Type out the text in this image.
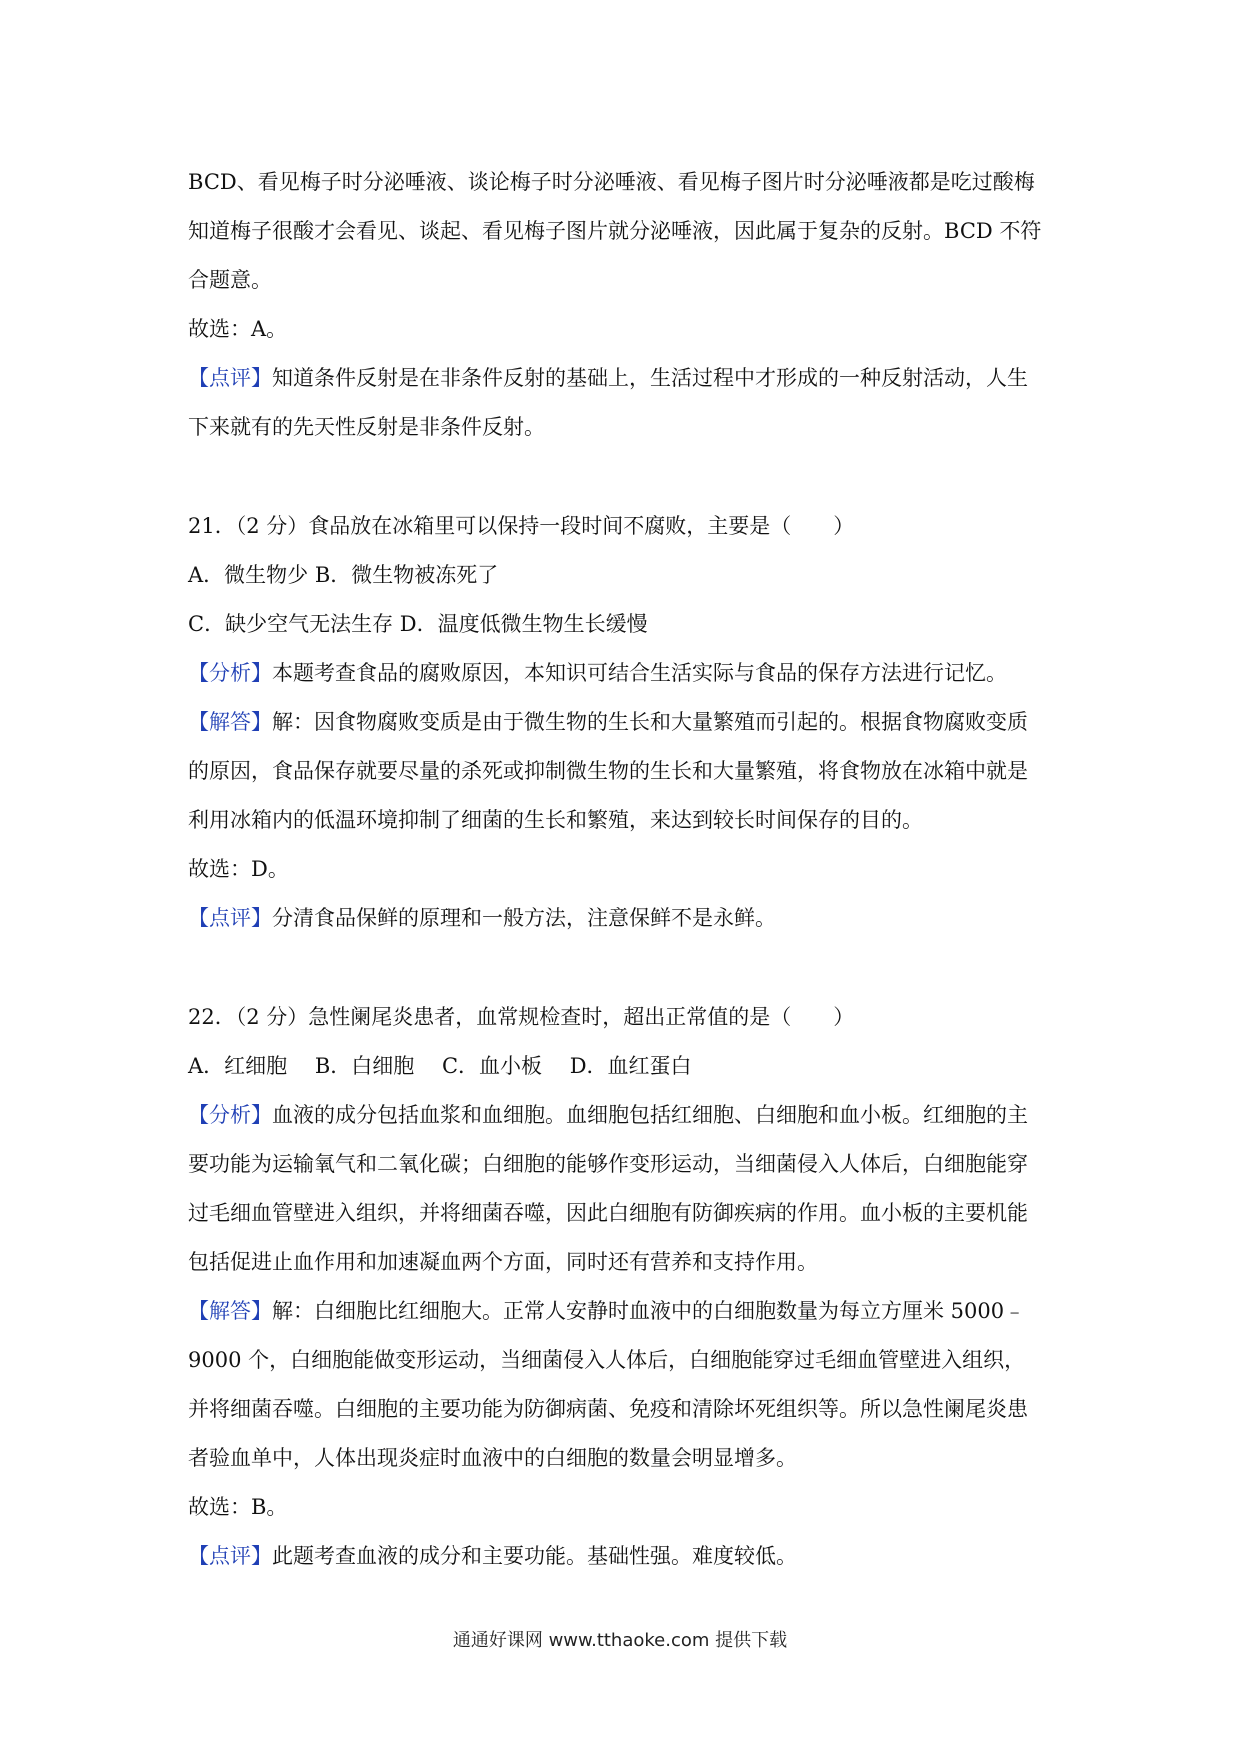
BCD、看见梅子时分泌唾液、谈论梅子时分泌唾液、看见梅子图片时分泌唾液都是吃过酸梅
知道梅子很酸才会看见、谈起、看见梅子图片就分泌唾液，因此属于复杂的反射。BCD 不符
合题意。
故选：A。
【点评】知道条件反射是在非条件反射的基础上，生活过程中才形成的一种反射活动，人生
下来就有的先天性反射是非条件反射。
21．（2 分）食品放在冰箱里可以保持一段时间不腐败，主要是（　　）
A．微生物少 B．微生物被冻死了
C．缺少空气无法生存 D．温度低微生物生长缓慢
【分析】本题考查食品的腐败原因，本知识可结合生活实际与食品的保存方法进行记忆。
【解答】解：因食物腐败变质是由于微生物的生长和大量繁殖而引起的。根据食物腐败变质
的原因，食品保存就要尽量的杀死或抑制微生物的生长和大量繁殖，将食物放在冰箱中就是
利用冰箱内的低温环境抑制了细菌的生长和繁殖，来达到较长时间保存的目的。
故选：D。
【点评】分清食品保鲜的原理和一般方法，注意保鲜不是永鲜。
22．（2 分）急性阑尾炎患者，血常规检查时，超出正常值的是（　　）
A．红细胞　 B．白细胞　 C．血小板　 D．血红蛋白
【分析】血液的成分包括血浆和血细胞。血细胞包括红细胞、白细胞和血小板。红细胞的主
要功能为运输氧气和二氧化碳；白细胞的能够作变形运动，当细菌侵入人体后，白细胞能穿
过毛细血管壁进入组织，并将细菌吞噬，因此白细胞有防御疾病的作用。血小板的主要机能
包括促进止血作用和加速凝血两个方面，同时还有营养和支持作用。
【解答】解：白细胞比红细胞大。正常人安静时血液中的白细胞数量为每立方厘米 5000﹣
9000 个，白细胞能做变形运动，当细菌侵入人体后，白细胞能穿过毛细血管壁进入组织，
并将细菌吞噬。白细胞的主要功能为防御病菌、免疫和清除坏死组织等。所以急性阑尾炎患
者验血单中，人体出现炎症时血液中的白细胞的数量会明显增多。
故选：B。
【点评】此题考查血液的成分和主要功能。基础性强。难度较低。
通通好课网 www.tthaoke.com 提供下载
